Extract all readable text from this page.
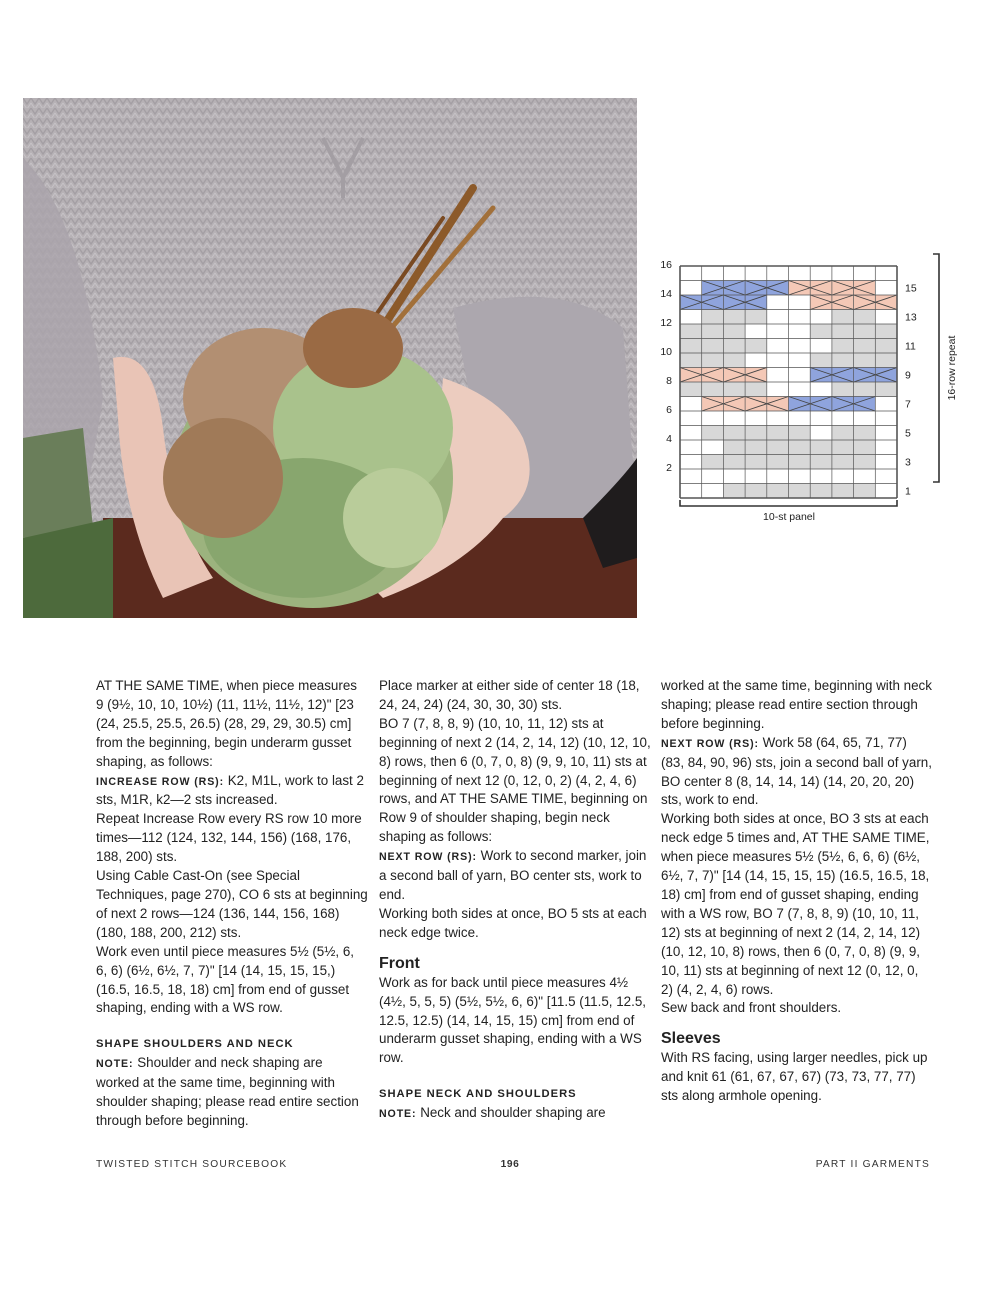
16
14
12
10
8
6
4
2
15
13
11
9
7
5
3
1
10-st panel
16-row repeat

AT THE SAME TIME, when piece measures 9 (9½, 10, 10, 10½) (11, 11½, 11½, 12)" [23 (24, 25.5, 25.5, 26.5) (28, 29, 29, 30.5) cm] from the beginning, begin underarm gusset shaping, as follows:

INCREASE ROW (RS): K2, M1L, work to last 2 sts, M1R, k2—2 sts increased.

Repeat Increase Row every RS row 10 more times—112 (124, 132, 144, 156) (168, 176, 188, 200) sts.

Using Cable Cast-On (see Special Techniques, page 270), CO 6 sts at beginning of next 2 rows—124 (136, 144, 156, 168) (180, 188, 200, 212) sts.

Work even until piece measures 5½ (5½, 6, 6, 6) (6½, 6½, 7, 7)" [14 (14, 15, 15, 15,) (16.5, 16.5, 18, 18) cm] from end of gusset shaping, ending with a WS row.

SHAPE SHOULDERS AND NECK

NOTE: Shoulder and neck shaping are worked at the same time, beginning with shoulder shaping; please read entire section through before beginning.

Place marker at either side of center 18 (18, 24, 24, 24) (24, 30, 30, 30) sts.

BO 7 (7, 8, 8, 9) (10, 10, 11, 12) sts at beginning of next 2 (14, 2, 14, 12) (10, 12, 10, 8) rows, then 6 (0, 7, 0, 8) (9, 9, 10, 11) sts at beginning of next 12 (0, 12, 0, 2) (4, 2, 4, 6) rows, and AT THE SAME TIME, beginning on Row 9 of shoulder shaping, begin neck shaping as follows:

NEXT ROW (RS): Work to second marker, join a second ball of yarn, BO center sts, work to end.

Working both sides at once, BO 5 sts at each neck edge twice.

Front

Work as for back until piece measures 4½ (4½, 5, 5, 5) (5½, 5½, 6, 6)" [11.5 (11.5, 12.5, 12.5, 12.5) (14, 14, 15, 15) cm] from end of underarm gusset shaping, ending with a WS row.

SHAPE NECK AND SHOULDERS

NOTE: Neck and shoulder shaping are

worked at the same time, beginning with neck shaping; please read entire section through before beginning.

NEXT ROW (RS): Work 58 (64, 65, 71, 77) (83, 84, 90, 96) sts, join a second ball of yarn, BO center 8 (8, 14, 14, 14) (14, 20, 20, 20) sts, work to end.

Working both sides at once, BO 3 sts at each neck edge 5 times and, AT THE SAME TIME, when piece measures 5½ (5½, 6, 6, 6) (6½, 6½, 7, 7)" [14 (14, 15, 15, 15) (16.5, 16.5, 18, 18) cm] from end of gusset shaping, ending with a WS row, BO 7 (7, 8, 8, 9) (10, 10, 11, 12) sts at beginning of next 2 (14, 2, 14, 12) (10, 12, 10, 8) rows, then 6 (0, 7, 0, 8) (9, 9, 10, 11) sts at beginning of next 12 (0, 12, 0, 2) (4, 2, 4, 6) rows.

Sew back and front shoulders.

Sleeves

With RS facing, using larger needles, pick up and knit 61 (61, 67, 67, 67) (73, 73, 77, 77) sts along armhole opening.

TWISTED STITCH SOURCEBOOK	196	PART II GARMENTS
